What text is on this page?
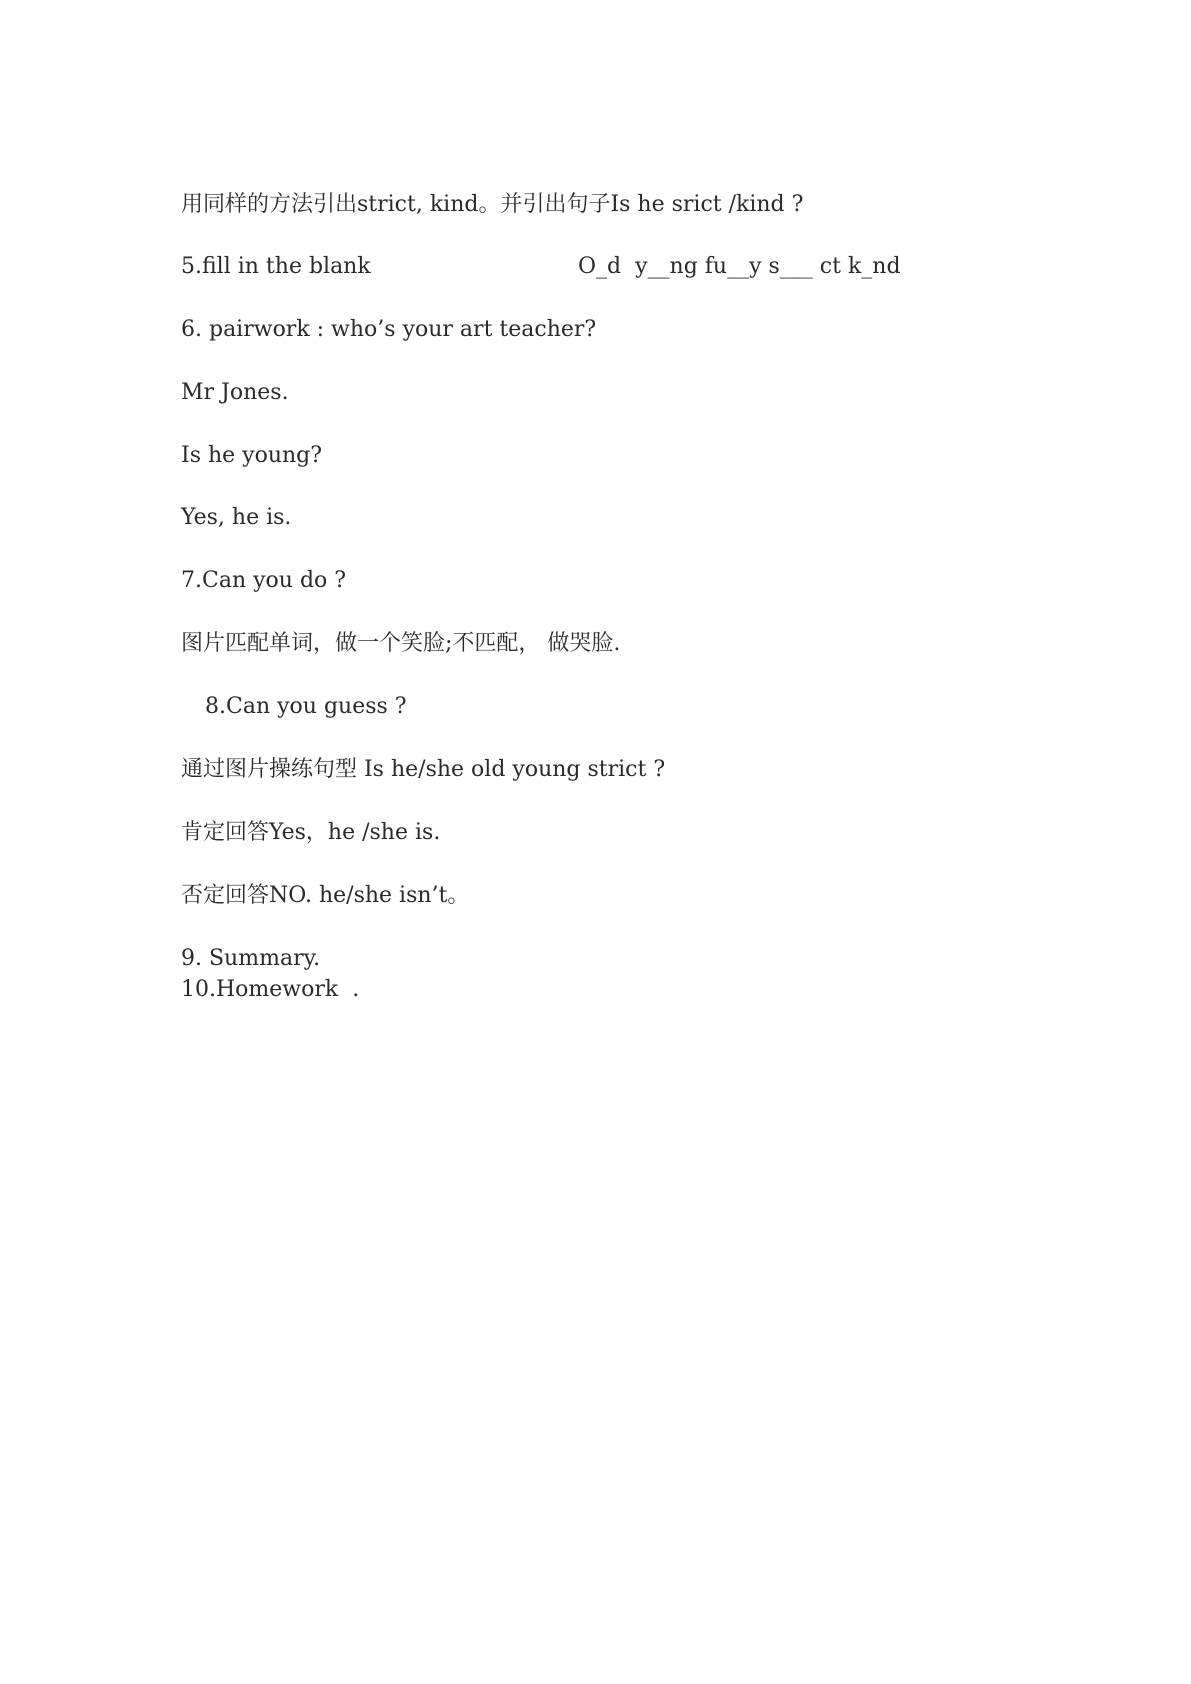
用同样的方法引出strict, kind。并引出句子Is he srict /kind ?

5.fill in the blank	O_d  y__ng fu__y s___ ct k_nd

6. pairwork : who’s your art teacher?

Mr Jones.

Is he young?

Yes, he is.

7.Can you do ?

图片匹配单词，做一个笑脸;不匹配， 做哭脸.

8.Can you guess ?

通过图片操练句型 Is he/she old young strict ?

肯定回答Yes，he /she is.

否定回答NO. he/she isn’t。

9. Summary.

10.Homework  .
